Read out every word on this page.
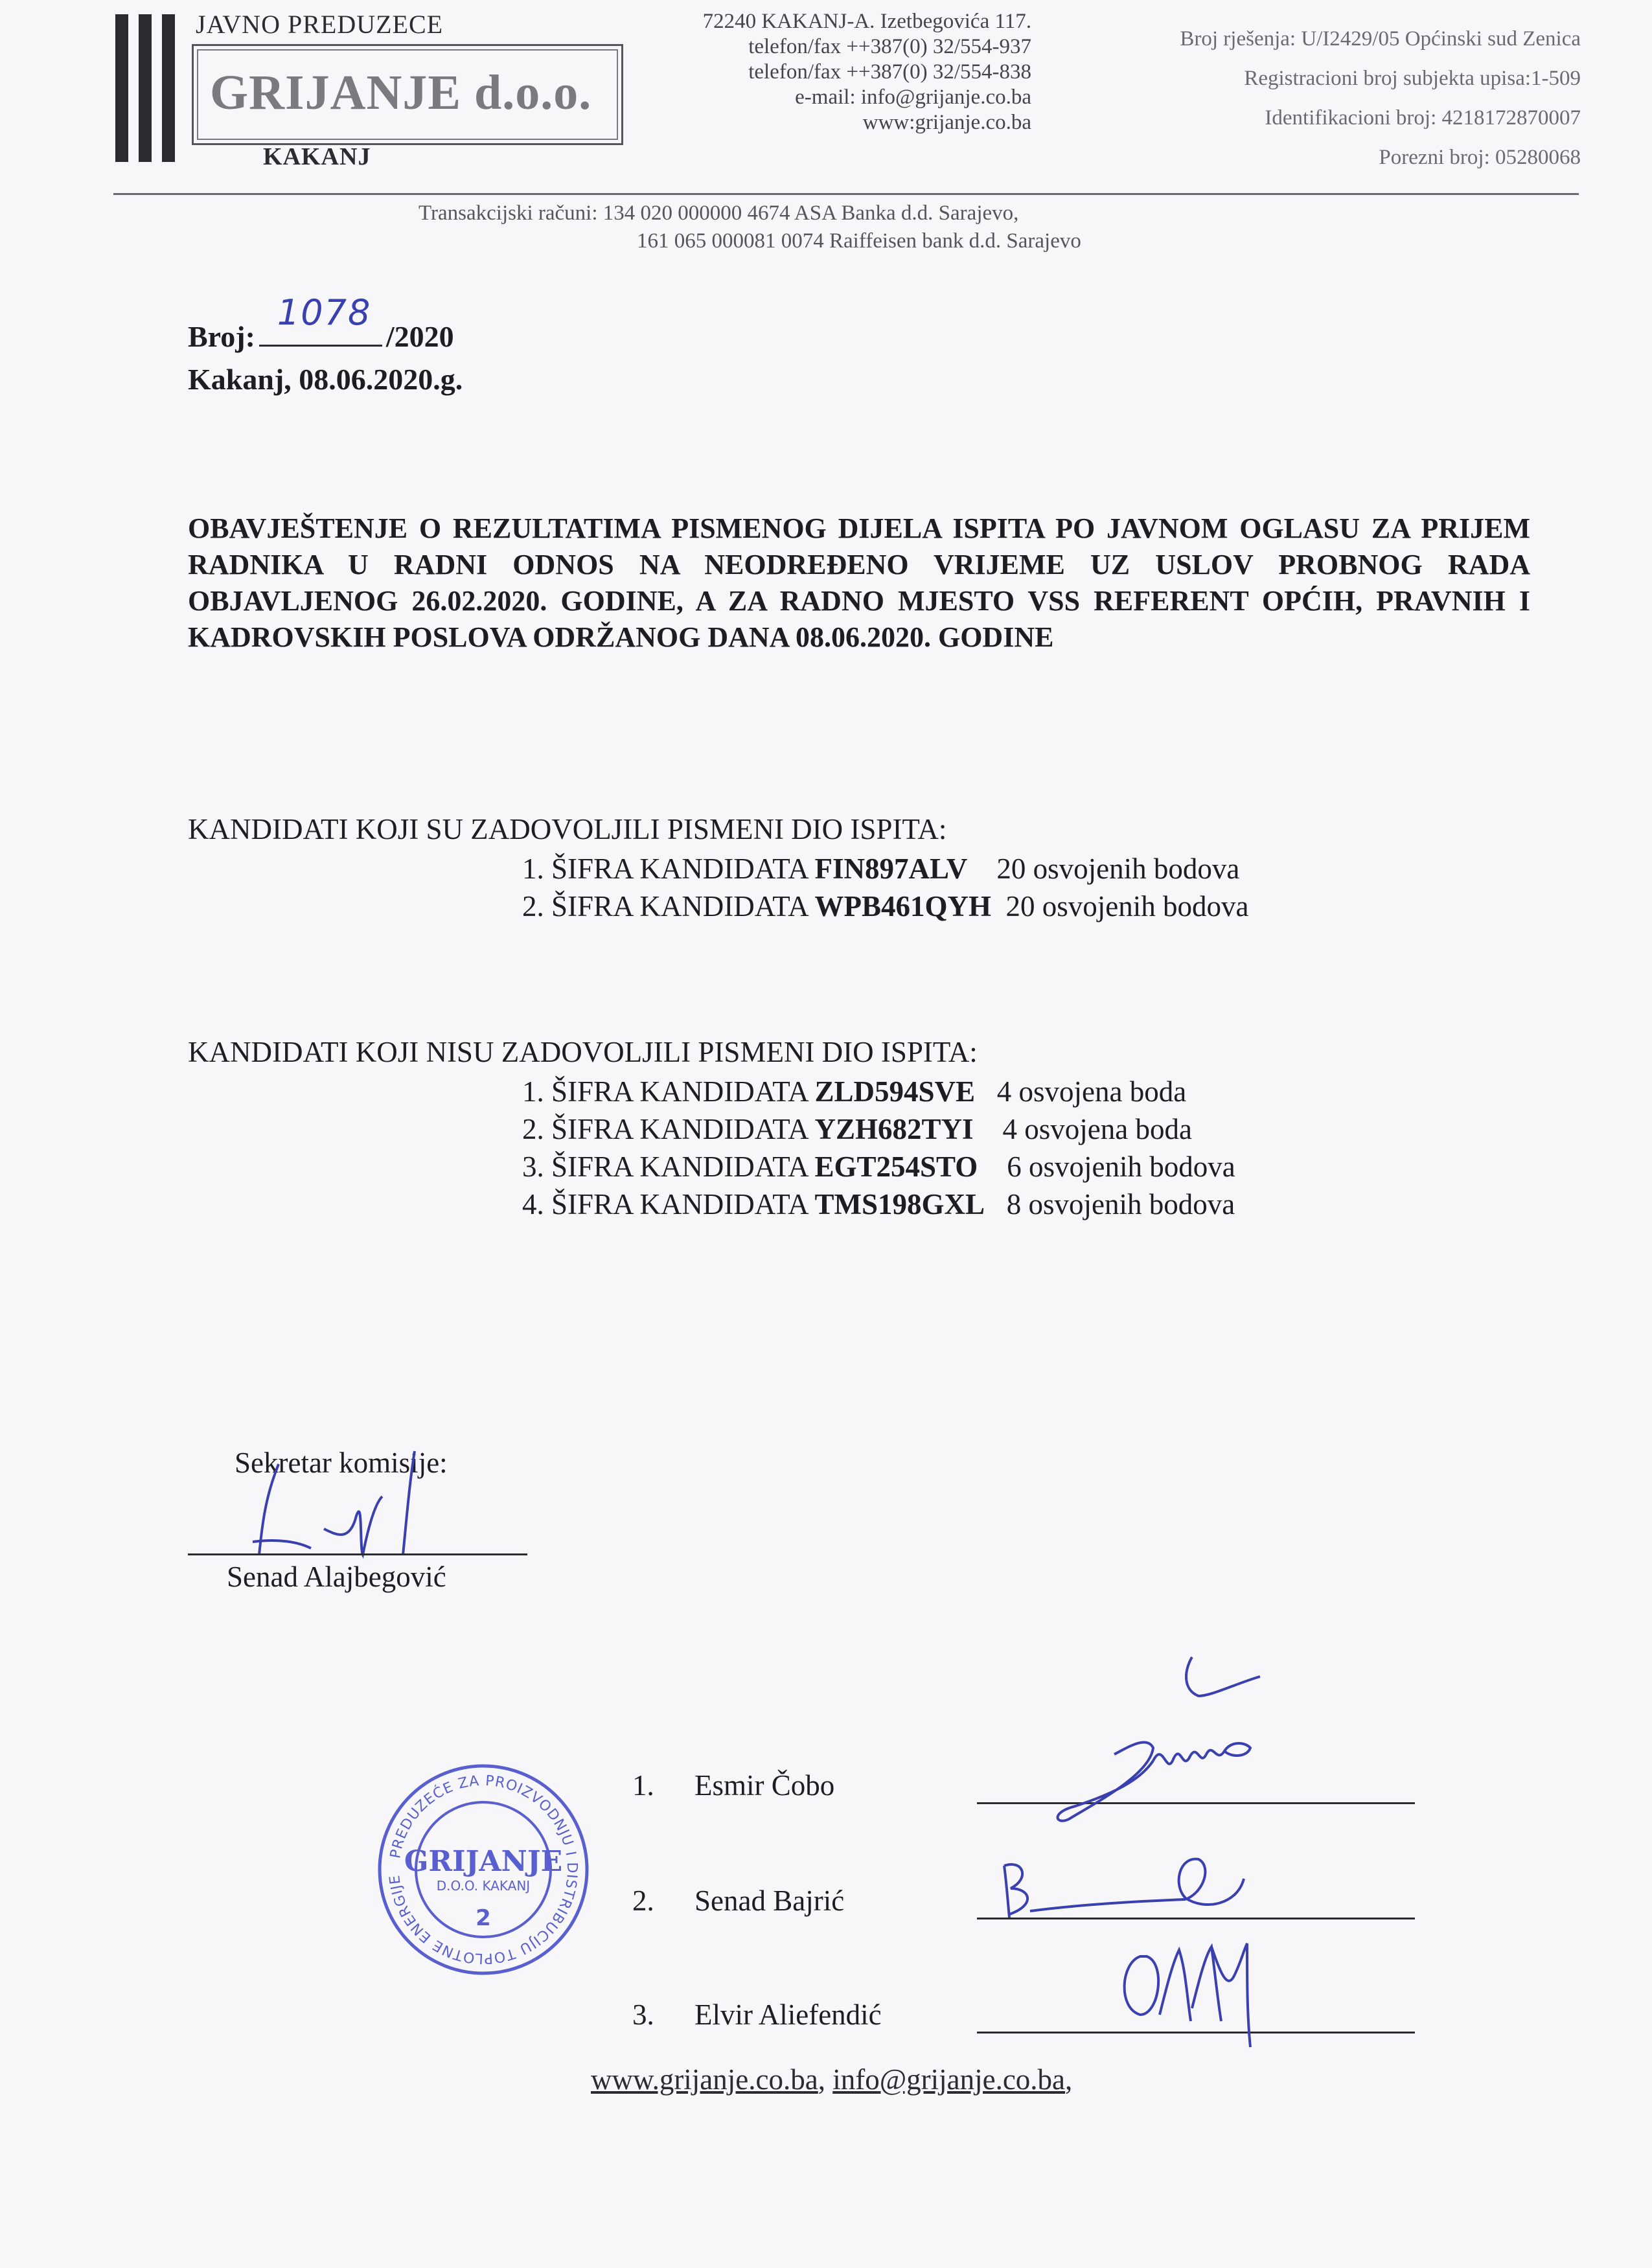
JAVNO PREDUZECE
GRIJANJE d.o.o.
KAKANJ
72240 KAKANJ-A. Izetbegovića 117.
telefon/fax ++387(0) 32/554-937
telefon/fax ++387(0) 32/554-838
e-mail: info@grijanje.co.ba
www:grijanje.co.ba
Broj rješenja: U/I2429/05 Općinski sud Zenica
Registracioni broj subjekta upisa:1-509
Identifikacioni broj: 4218172870007
Porezni broj: 05280068
Transakcijski računi: 134 020 000000 4674 ASA Banka d.d. Sarajevo,
161 065 000081 0074 Raiffeisen bank d.d. Sarajevo
Broj:
1078
/2020
Kakanj, 08.06.2020.g.
OBAVJEŠTENJE O REZULTATIMA PISMENOG DIJELA ISPITA PO JAVNOM OGLASU ZA PRIJEM RADNIKA U RADNI ODNOS NA NEODREĐENO VRIJEME UZ USLOV PROBNOG RADA OBJAVLJENOG 26.02.2020. GODINE, A ZA RADNO MJESTO VSS REFERENT OPĆIH, PRAVNIH I KADROVSKIH POSLOVA ODRŽANOG DANA 08.06.2020. GODINE
KANDIDATI KOJI SU ZADOVOLJILI PISMENI DIO ISPITA:
1. ŠIFRA KANDIDATA FIN897ALV 20 osvojenih bodova
2. ŠIFRA KANDIDATA WPB461QYH 20 osvojenih bodova
KANDIDATI KOJI NISU ZADOVOLJILI PISMENI DIO ISPITA:
1. ŠIFRA KANDIDATA ZLD594SVE 4 osvojena boda
2. ŠIFRA KANDIDATA YZH682TYI 4 osvojena boda
3. ŠIFRA KANDIDATA EGT254STO 6 osvojenih bodova
4. ŠIFRA KANDIDATA TMS198GXL 8 osvojenih bodova
Sekretar komisije:
Senad Alajbegović
PREDUZEĆE ZA PROIZVODNJU I DISTRIBUCIJU TOPLOTNE ENERGIJE
GRIJANJE
D.O.O. KAKANJ
2
1. Esmir Čobo
2. Senad Bajrić
3. Elvir Aliefendić
www.grijanje.co.ba, info@grijanje.co.ba,
